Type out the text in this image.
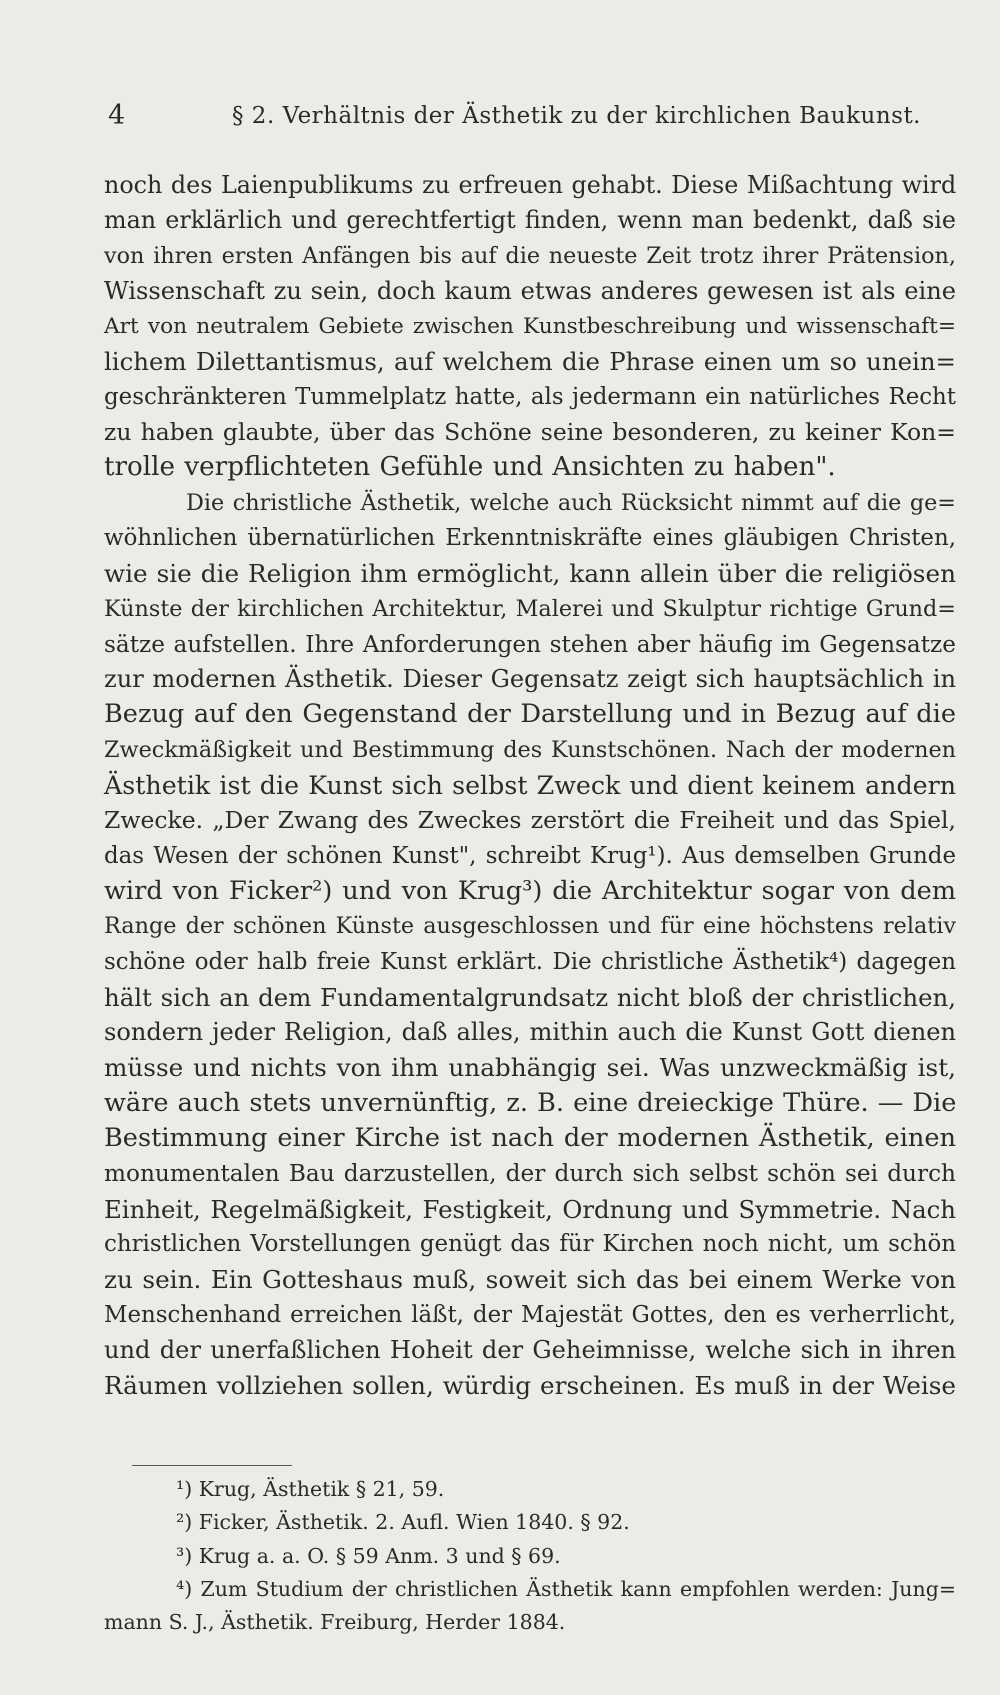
4	§ 2. Verhältnis der Ästhetik zu der kirchlichen Baukunst.
noch des Laienpublikums zu erfreuen gehabt. Diese Mißachtung wird
man erklärlich und gerechtfertigt finden, wenn man bedenkt, daß sie
von ihren ersten Anfängen bis auf die neueste Zeit trotz ihrer Prätension,
Wissenschaft zu sein, doch kaum etwas anderes gewesen ist als eine
Art von neutralem Gebiete zwischen Kunstbeschreibung und wissenschaft=
lichem Dilettantismus, auf welchem die Phrase einen um so unein=
geschränkteren Tummelplatz hatte, als jedermann ein natürliches Recht
zu haben glaubte, über das Schöne seine besonderen, zu keiner Kon=
trolle verpflichteten Gefühle und Ansichten zu haben".
Die christliche Ästhetik, welche auch Rücksicht nimmt auf die ge=
wöhnlichen übernatürlichen Erkenntniskräfte eines gläubigen Christen,
wie sie die Religion ihm ermöglicht, kann allein über die religiösen
Künste der kirchlichen Architektur, Malerei und Skulptur richtige Grund=
sätze aufstellen. Ihre Anforderungen stehen aber häufig im Gegensatze
zur modernen Ästhetik. Dieser Gegensatz zeigt sich hauptsächlich in
Bezug auf den Gegenstand der Darstellung und in Bezug auf die
Zweckmäßigkeit und Bestimmung des Kunstschönen. Nach der modernen
Ästhetik ist die Kunst sich selbst Zweck und dient keinem andern
Zwecke. „Der Zwang des Zweckes zerstört die Freiheit und das Spiel,
das Wesen der schönen Kunst", schreibt Krug¹). Aus demselben Grunde
wird von Ficker²) und von Krug³) die Architektur sogar von dem
Range der schönen Künste ausgeschlossen und für eine höchstens relativ
schöne oder halb freie Kunst erklärt. Die christliche Ästhetik⁴) dagegen
hält sich an dem Fundamentalgrundsatz nicht bloß der christlichen,
sondern jeder Religion, daß alles, mithin auch die Kunst Gott dienen
müsse und nichts von ihm unabhängig sei. Was unzweckmäßig ist,
wäre auch stets unvernünftig, z. B. eine dreieckige Thüre. — Die
Bestimmung einer Kirche ist nach der modernen Ästhetik, einen
monumentalen Bau darzustellen, der durch sich selbst schön sei durch
Einheit, Regelmäßigkeit, Festigkeit, Ordnung und Symmetrie. Nach
christlichen Vorstellungen genügt das für Kirchen noch nicht, um schön
zu sein. Ein Gotteshaus muß, soweit sich das bei einem Werke von
Menschenhand erreichen läßt, der Majestät Gottes, den es verherrlicht,
und der unerfaßlichen Hoheit der Geheimnisse, welche sich in ihren
Räumen vollziehen sollen, würdig erscheinen. Es muß in der Weise
¹) Krug, Ästhetik § 21, 59.
²) Ficker, Ästhetik. 2. Aufl. Wien 1840. § 92.
³) Krug a. a. O. § 59 Anm. 3 und § 69.
⁴) Zum Studium der christlichen Ästhetik kann empfohlen werden: Jung=
mann S. J., Ästhetik. Freiburg, Herder 1884.
